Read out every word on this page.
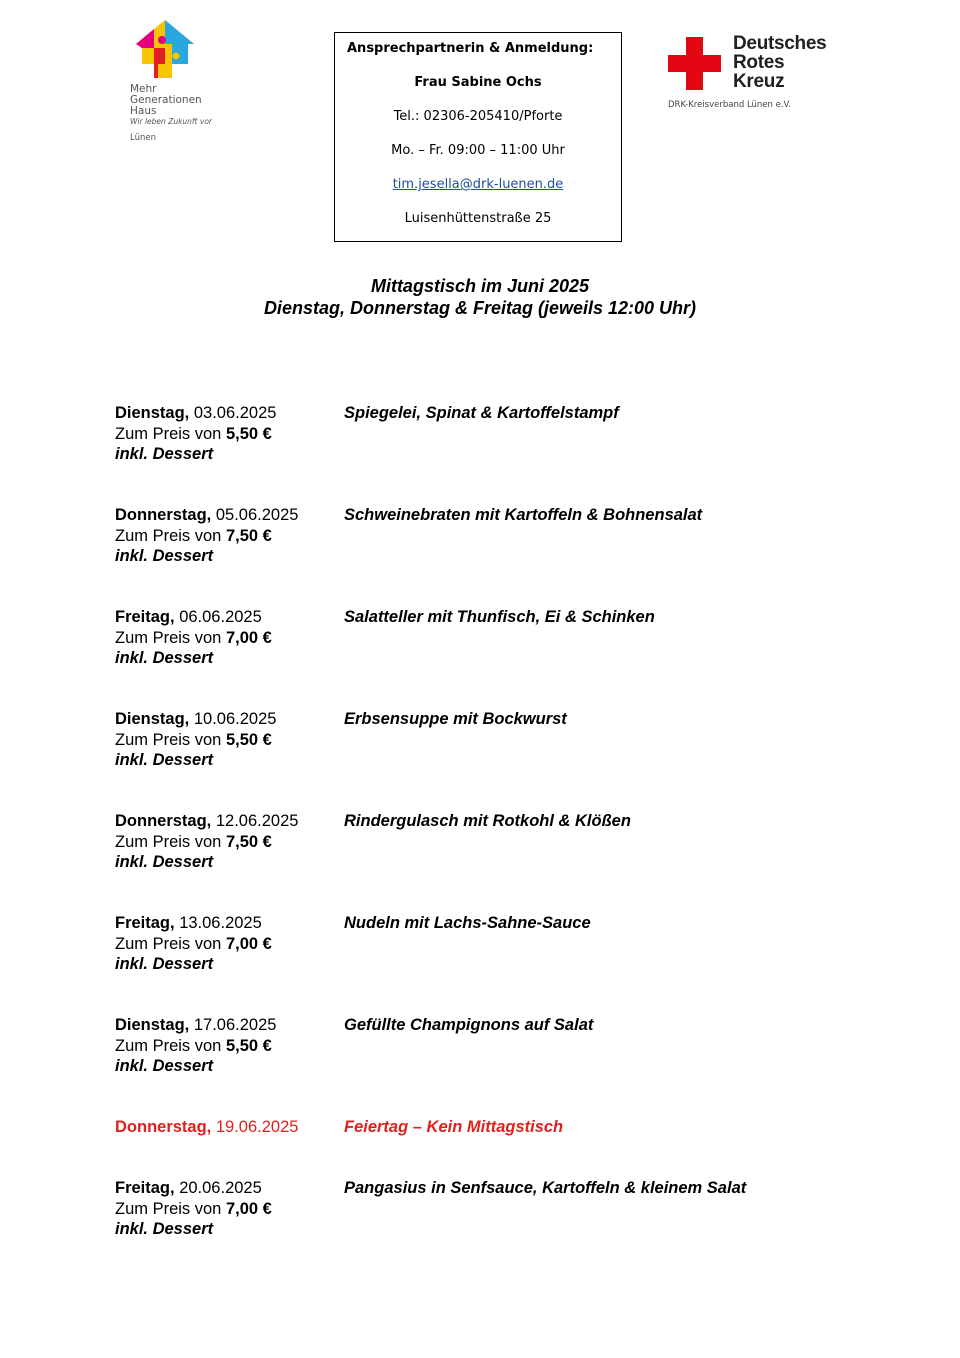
Mehr
Generationen
Haus
Wir leben Zukunft vor
Lünen
Ansprechpartnerin & Anmeldung:
Frau Sabine Ochs
Tel.: 02306-205410/Pforte
Mo. – Fr. 09:00 – 11:00 Uhr
tim.jesella@drk-luenen.de
Luisenhüttenstraße 25
Deutsches
Rotes
Kreuz
DRK-Kreisverband Lünen e.V.
Mittagstisch im Juni 2025
Dienstag, Donnerstag & Freitag (jeweils 12:00 Uhr)
Dienstag, 03.06.2025
Zum Preis von 5,50 €
inkl. Dessert
Spiegelei, Spinat & Kartoffelstampf
Donnerstag, 05.06.2025
Zum Preis von 7,50 €
inkl. Dessert
Schweinebraten mit Kartoffeln & Bohnensalat
Freitag, 06.06.2025
Zum Preis von 7,00 €
inkl. Dessert
Salatteller mit Thunfisch, Ei & Schinken
Dienstag, 10.06.2025
Zum Preis von 5,50 €
inkl. Dessert
Erbsensuppe mit Bockwurst
Donnerstag, 12.06.2025
Zum Preis von 7,50 €
inkl. Dessert
Rindergulasch mit Rotkohl & Klößen
Freitag, 13.06.2025
Zum Preis von 7,00 €
inkl. Dessert
Nudeln mit Lachs-Sahne-Sauce
Dienstag, 17.06.2025
Zum Preis von 5,50 €
inkl. Dessert
Gefüllte Champignons auf Salat
Donnerstag, 19.06.2025	Feiertag – Kein Mittagstisch
Freitag, 20.06.2025
Zum Preis von 7,00 €
inkl. Dessert
Pangasius in Senfsauce, Kartoffeln & kleinem Salat
